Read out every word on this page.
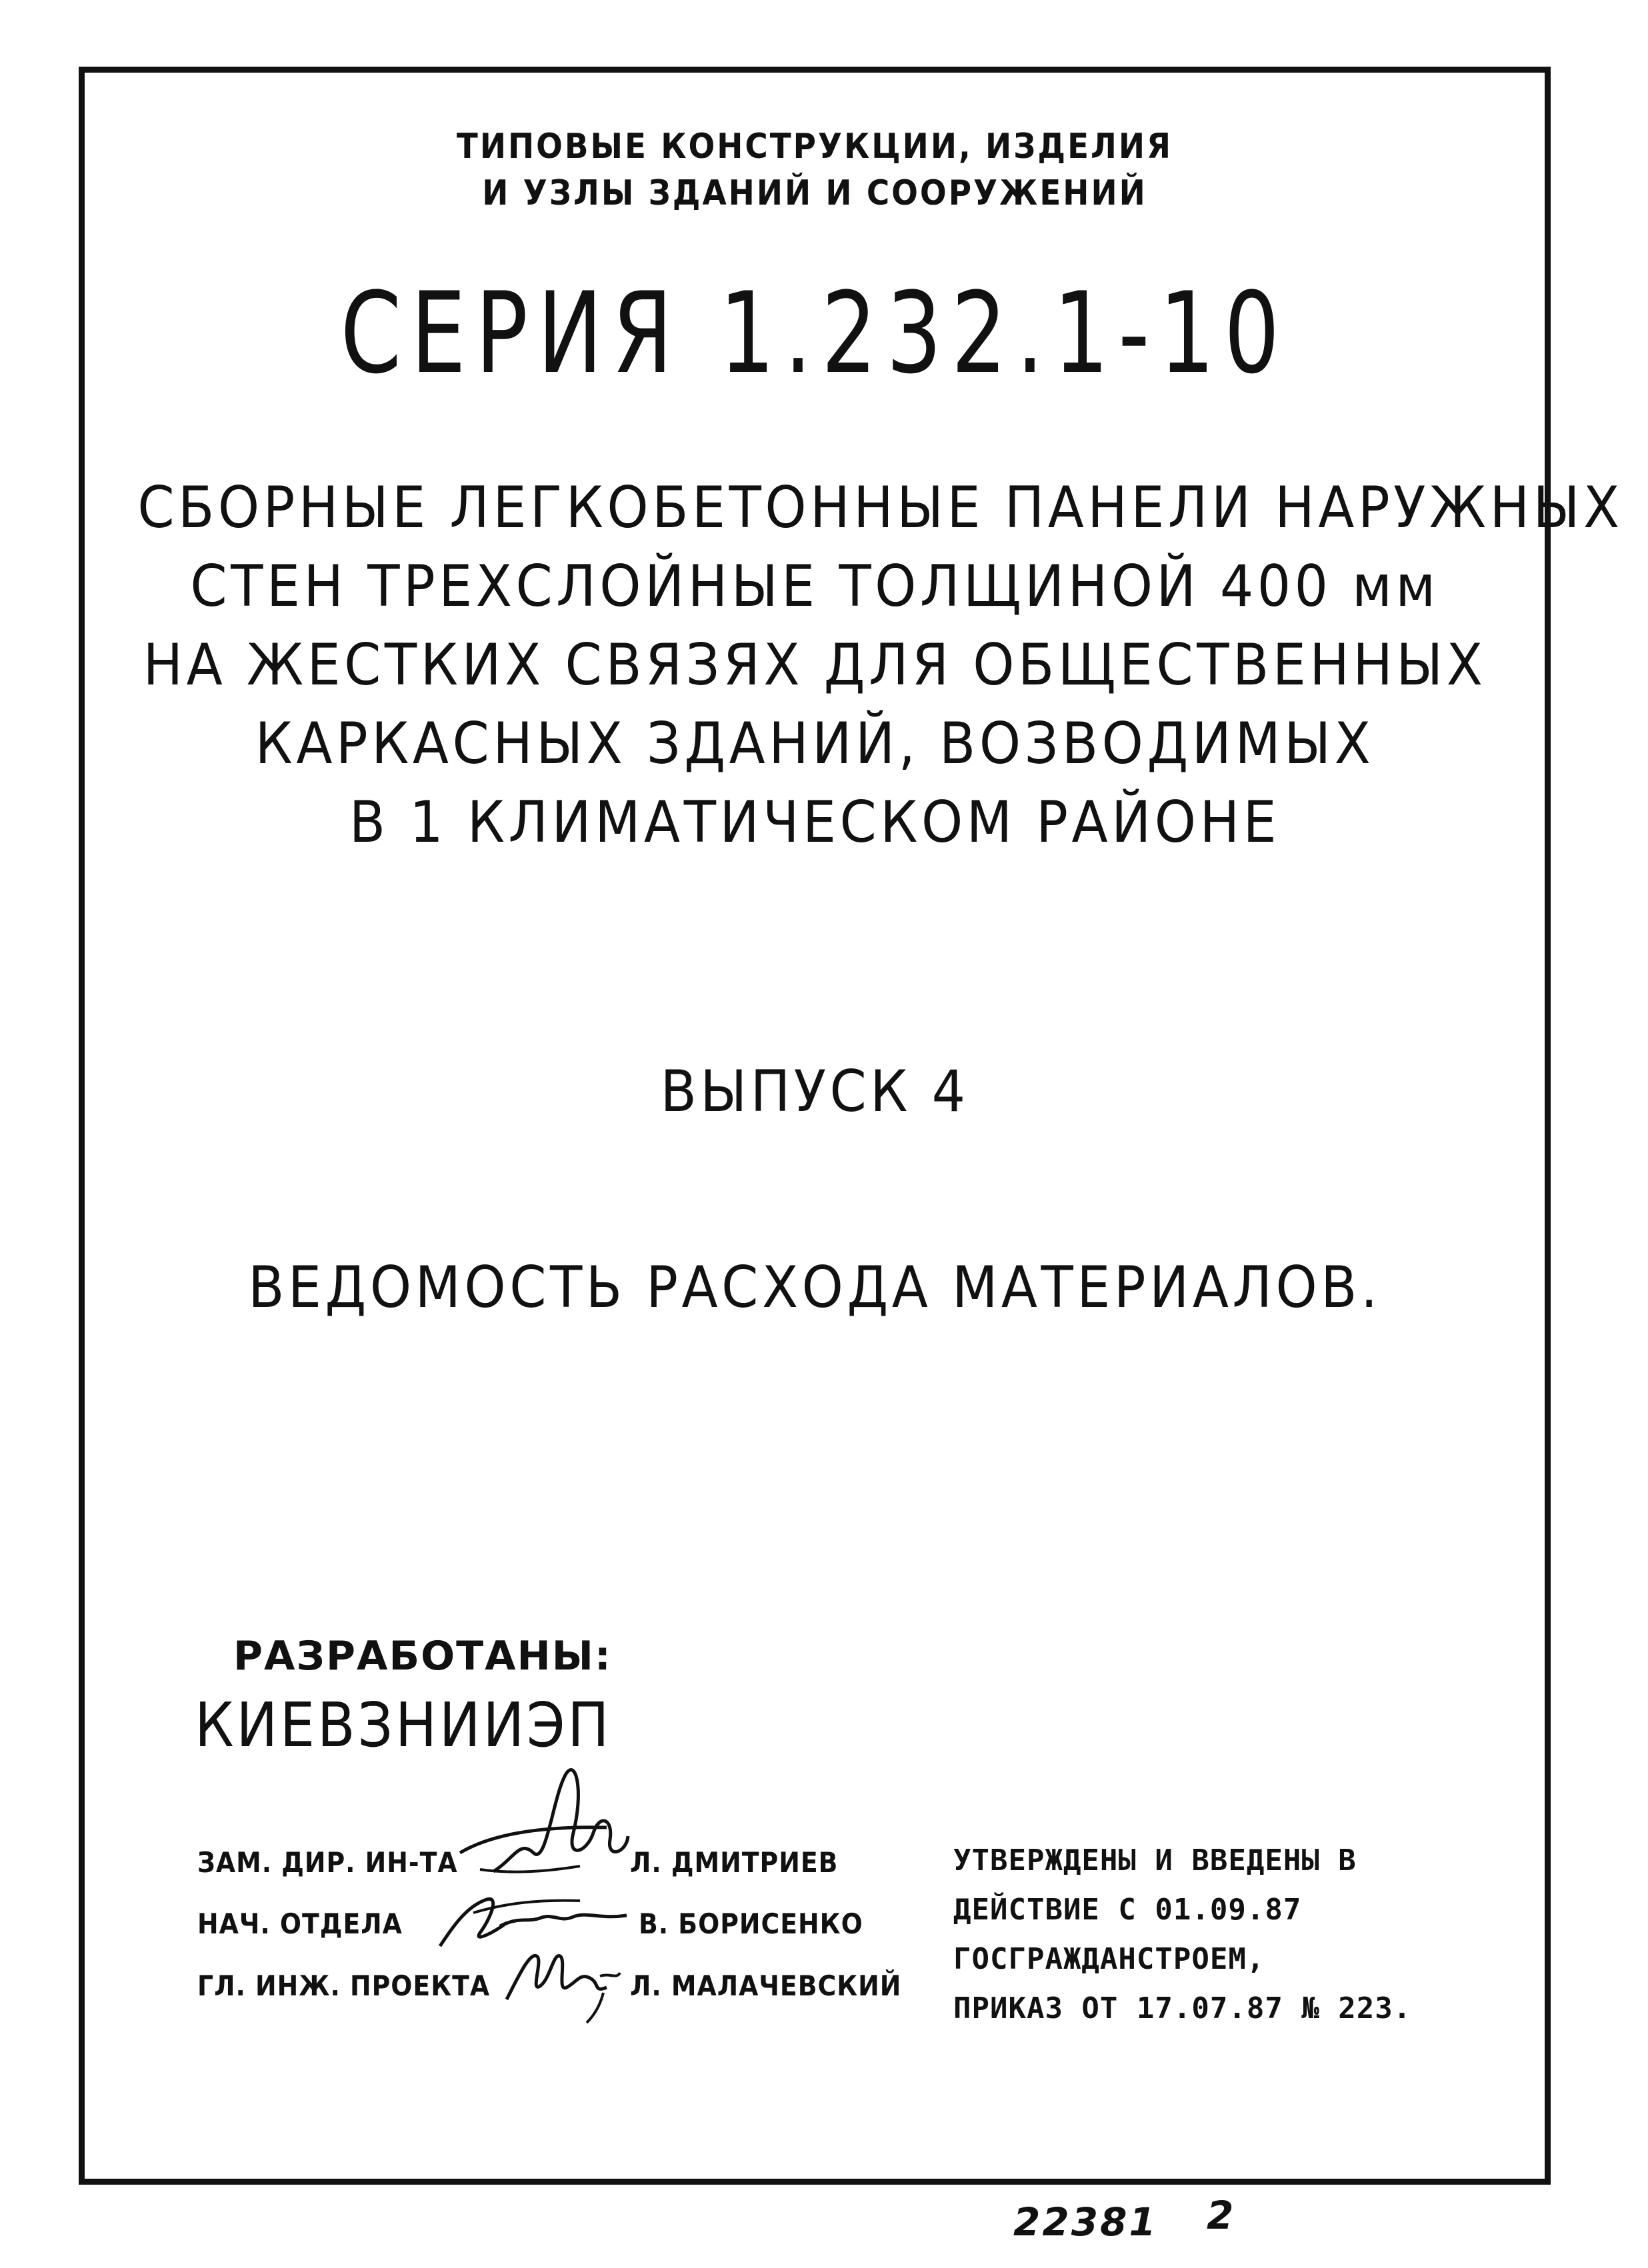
ТИПОВЫЕ КОНСТРУКЦИИ, ИЗДЕЛИЯ

И УЗЛЫ ЗДАНИЙ И СООРУЖЕНИЙ

СЕРИЯ 1.232.1-10

СБОРНЫЕ ЛЕГКОБЕТОННЫЕ ПАНЕЛИ НАРУЖНЫХ

СТЕН ТРЕХСЛОЙНЫЕ ТОЛЩИНОЙ 400 мм

НА ЖЕСТКИХ СВЯЗЯХ ДЛЯ ОБЩЕСТВЕННЫХ

КАРКАСНЫХ ЗДАНИЙ, ВОЗВОДИМЫХ

В 1 КЛИМАТИЧЕСКОМ РАЙОНЕ

ВЫПУСК 4

ВЕДОМОСТЬ РАСХОДА МАТЕРИАЛОВ.

РАЗРАБОТАНЫ:

КИЕВЗНИИЭП

ЗАМ. ДИР. ИН-ТА	Л. ДМИТРИЕВ

НАЧ. ОТДЕЛА	В. БОРИСЕНКО

ГЛ. ИНЖ. ПРОЕКТА	Л. МАЛАЧЕВСКИЙ

УТВЕРЖДЕНЫ И ВВЕДЕНЫ В

ДЕЙСТВИЕ С 01.09.87

ГОСГРАЖДАНСТРОЕМ,

ПРИКАЗ ОТ 17.07.87 № 223.

22381 2
